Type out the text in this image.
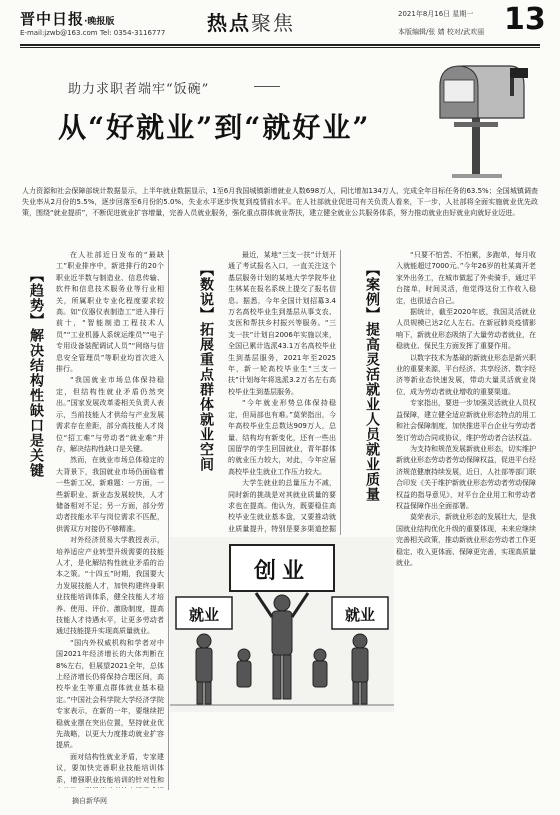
晋中日报·晚报版
E-mail:jzwb@163.com Tel: 0354-3116777 热点聚焦	2021年8月16日 星期一
本版编辑/张 婧 校对/武欢丽 13
助力求职者端牢“饭碗”
从“好就业”到“就好业”
人力资源和社会保障部统计数据显示，上半年就业数据显示，1至6月我国城镇新增就业人数698万人，同比增加134万人，完成全年目标任务的63.5%；全国城镇调查失业率从2月份的5.5%，逐步回落至6月份的5.0%，失业水平逐步恢复到疫情前水平。在人社部就业促进司有关负责人看来，下一步，人社部将全面实施就业优先政策，围绕“就业提质”，不断促进就业扩容增量，完善人员就业服务，强化重点群体就业帮扶，建立健全就业公共服务体系，努力推动就业由好就业向就好业迈进。
【趋势】解决结构性缺口是关键

在人社部近日发布的“最缺工”职业排序中，新进排行的20个职业近半数与制造业、信息传输、软件和信息技术服务业等行业相关，所属职业专业化程度要求较高。如“仪器仪表制造工”进入排行前十，“智能制造工程技术人员”“工业机器人系统运维员”“电子专用设备装配调试人员”“网络与信息安全管理员”等职业均首次进入排行。

“我国就业市场总体保持稳定，但结构性就业矛盾仍然突出。”国家发展改革委相关负责人表示，当前技能人才供给与产业发展需求存在差距，部分高技能人才岗位“招工难”与劳动者“就业难”并存，解决结构性缺口是关键。

然而，在就业市场总体稳定的大背景下，我国就业市场仍面临着一些新工况、新难题：一方面，一些新职业、新业态发展较快，人才储备相对不足；另一方面，部分劳动者技能水平与岗位需求不匹配，供需双方对接仍不够精准。

对外经济贸易大学教授表示，培养适应产业转型升级需要的技能人才，是化解结构性就业矛盾的治本之策。“十四五”时期，我国要大力发展技能人才，加快构建终身职业技能培训体系，健全技能人才培养、使用、评价、激励制度，提高技能人才待遇水平，让更多劳动者通过技能提升实现高质量就业。

“国内外权威机构和学者对中国2021年经济增长的大体判断在8%左右，但展望2021全年，总体上经济增长仍将保持合理区间，高校毕业生等重点群体就业基本稳定。”中国社会科学院大学经济学院专家表示，在新的一年，要继续把稳就业摆在突出位置，坚持就业优先战略，以更大力度推动就业扩容提质。

面对结构性就业矛盾，专家建议，要加快完善职业技能培训体系，增强职业技能培训的针对性和

【数说】拓展重点群体就业空间

最近，某地“三支一扶”计划开通了考试报名入口，一直关注这个基层服务计划的某地大学学院毕业生林某在报名系统上提交了报名信息。据悉，今年全国计划招募3.4万名高校毕业生到基层从事支农、支医和帮扶乡村振兴等服务。“三支一扶”计划自2006年实施以来，全国已累计选派43.1万名高校毕业生到基层服务，2021年至2025年，新一轮高校毕业生“三支一扶”计划每年将选派3.2万名左右高校毕业生到基层服务。

“今年就业形势总体保持稳定，但局部也有难。”莫荣指出，今年高校毕业生总数达909万人，总量、结构均有新变化，还有一些出国留学的学生回国就业，青年群体的就业压力较大，对此，今年应届高校毕业生就业工作压力较大。

大学生就业的总量压力不减，同时新的挑战是对其就业质量的要求也在提高。他认为，既要稳住高校毕业生就业基本盘，又要推动就业质量提升，特别是要多渠道挖掘

【案例】提高灵活就业人员就业质量

“只要不怕苦、不怕累，多跑单，每月收入就能超过7000元。”今年26岁的杜某离开老家外出务工，在城市做起了外卖骑手，通过平台接单，时间灵活，他觉得这份工作收入稳定，也很适合自己。

据统计，截至2020年底，我国灵活就业人员规模已达2亿人左右。在新冠肺炎疫情影响下，新就业形态吸纳了大量劳动者就业，在稳就业、保民生方面发挥了重要作用。

以数字技术为基础的新就业形态是新兴职业的重要来源，平台经济、共享经济、数字经济等新业态快速发展，带动大量灵活就业岗位，成为劳动者就业增收的重要渠道。

专家指出，要进一步加强灵活就业人员权益保障，建立健全适应新就业形态特点的用工和社会保障制度，加快推进平台企业与劳动者签订劳动合同或协议，维护劳动者合法权益。

为支持和规范发展新就业形态，切实维护新就业形态劳动者劳动保障权益，促进平台经济规范健康持续发展，近日，人社部等部门联合印发《关于维护新就业形态劳动者劳动保障权益的指导意见》，对平台企业用工和劳动者权益保障作出全面部署。

莫荣表示，新就业形态的发展壮大，是我国就业结构优化升级的重要体现，未来应继续完善相关政策，推动新就业形态劳动者工作更稳定、收入更体面、保障更完善，实现高质量就业。

创业
就业	就业
摘自新华网
